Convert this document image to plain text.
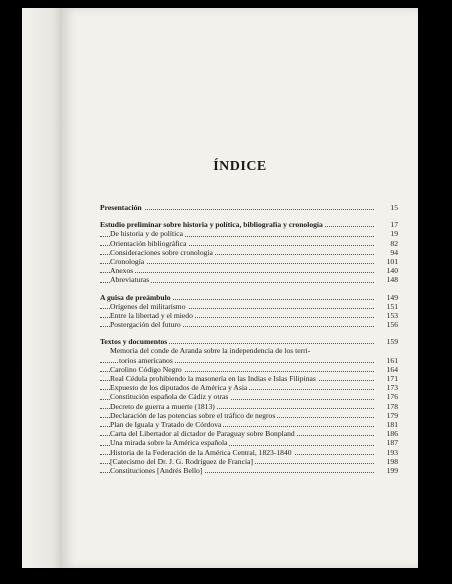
ÍNDICE
Presentación	15
Estudio preliminar sobre historia y política, bibliografía y cronología	17
De historia y de política	19
Orientación bibliográfica	82
Consideraciones sobre cronología	94
Cronología	101
Anexos	140
Abreviaturas	148
A guisa de preámbulo	149
Orígenes del militarismo	151
Entre la libertad y el miedo	153
Postergación del futuro	156
Textos y documentos	159
Memoria del conde de Aranda sobre la independencia de los terri-
torios americanos	161
Carolino Código Negro	164
Real Cédula prohibiendo la masonería en las Indias e Islas Filipinas	171
Expuesto de los diputados de América y Asia	173
Constitución española de Cádiz y otras	176
Decreto de guerra a muerte (1813)	178
Declaración de las potencias sobre el tráfico de negros	179
Plan de Iguala y Tratado de Córdova	181
Carta del Libertador al dictador de Paraguay sobre Bonpland	186
Una mirada sobre la América española	187
Historia de la Federación de la América Central, 1823-1840	193
[Catecismo del Dr. J. G. Rodríguez de Francia]	198
Constituciones [Andrés Bello]	199
